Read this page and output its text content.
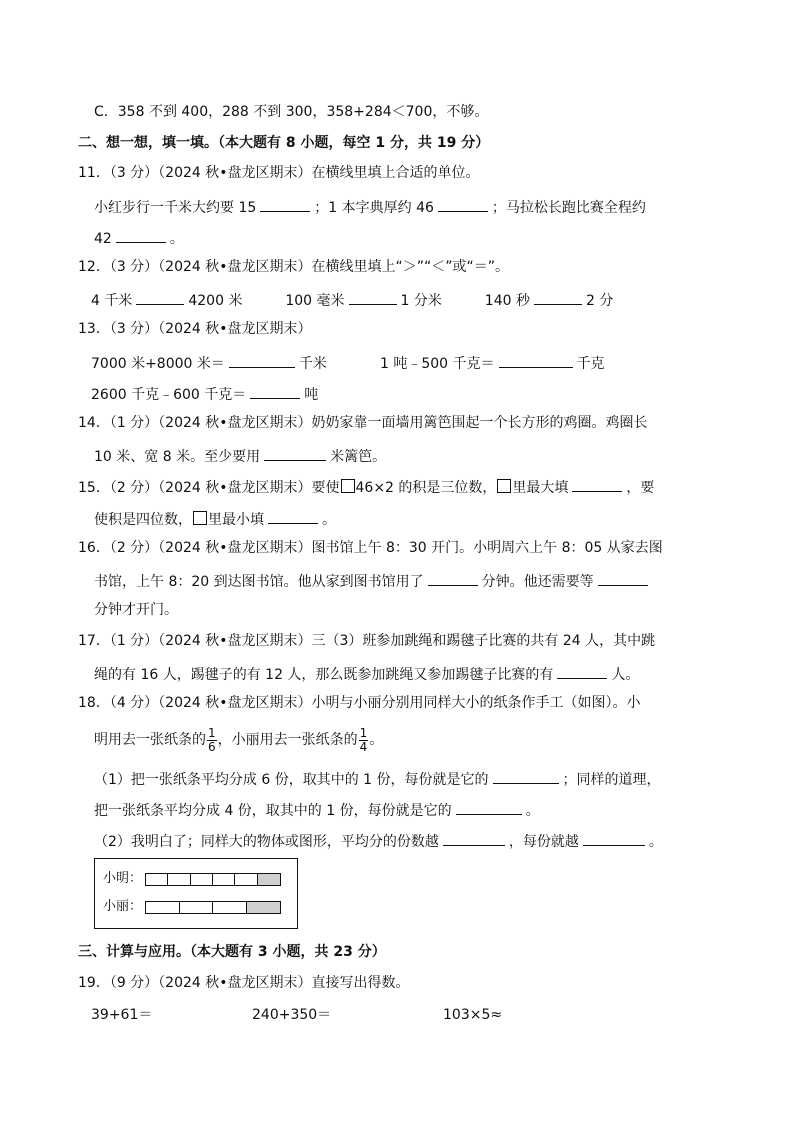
C．358 不到 400，288 不到 300，358+284＜700，不够。
二、想一想，填一填。（本大题有 8 小题，每空 1 分，共 19 分）
11．（3 分）（2024 秋•盘龙区期末）在横线里填上合适的单位。
小红步行一千米大约要 15	；1 本字典厚约 46	；马拉松长跑比赛全程约
42	。
12．（3 分）（2024 秋•盘龙区期末）在横线里填上“＞”“＜”或“＝”。
4 千米	4200 米	100 毫米	1 分米	140 秒	2 分
13．（3 分）（2024 秋•盘龙区期末）
7000 米+8000 米＝	千米	1 吨﹣500 千克＝	千克
2600 千克﹣600 千克＝	吨
14．（1 分）（2024 秋•盘龙区期末）奶奶家靠一面墙用篱笆围起一个长方形的鸡圈。鸡圈长
10 米、宽 8 米。至少要用	米篱笆。
15．（2 分）（2024 秋•盘龙区期末）要使 46×2 的积是三位数， 里最大填	，要
使积是四位数， 里最小填	。
16．（2 分）（2024 秋•盘龙区期末）图书馆上午 8：30 开门。小明周六上午 8：05 从家去图
书馆，上午 8：20 到达图书馆。他从家到图书馆用了	分钟。他还需要等
分钟才开门。
17．（1 分）（2024 秋•盘龙区期末）三（3）班参加跳绳和踢毽子比赛的共有 24 人，其中跳
绳的有 16 人，踢毽子的有 12 人，那么既参加跳绳又参加踢毽子比赛的有	人。
18．（4 分）（2024 秋•盘龙区期末）小明与小丽分别用同样大小的纸条作手工（如图）。小
明用去一张纸条的 $\frac{1}{6}$ ，小丽用去一张纸条的 $\frac{1}{4}$ 。
（1）把一张纸条平均分成 6 份，取其中的 1 份，每份就是它的	；同样的道理，
把一张纸条平均分成 4 份，取其中的 1 份，每份就是它的	。
（2）我明白了；同样大的物体或图形，平均分的份数越	，每份就越	。
小明：
小丽：
三、计算与应用。（本大题有 3 小题，共 23 分）
19．（9 分）（2024 秋•盘龙区期末）直接写出得数。
39+61＝	240+350＝	103×5≈
